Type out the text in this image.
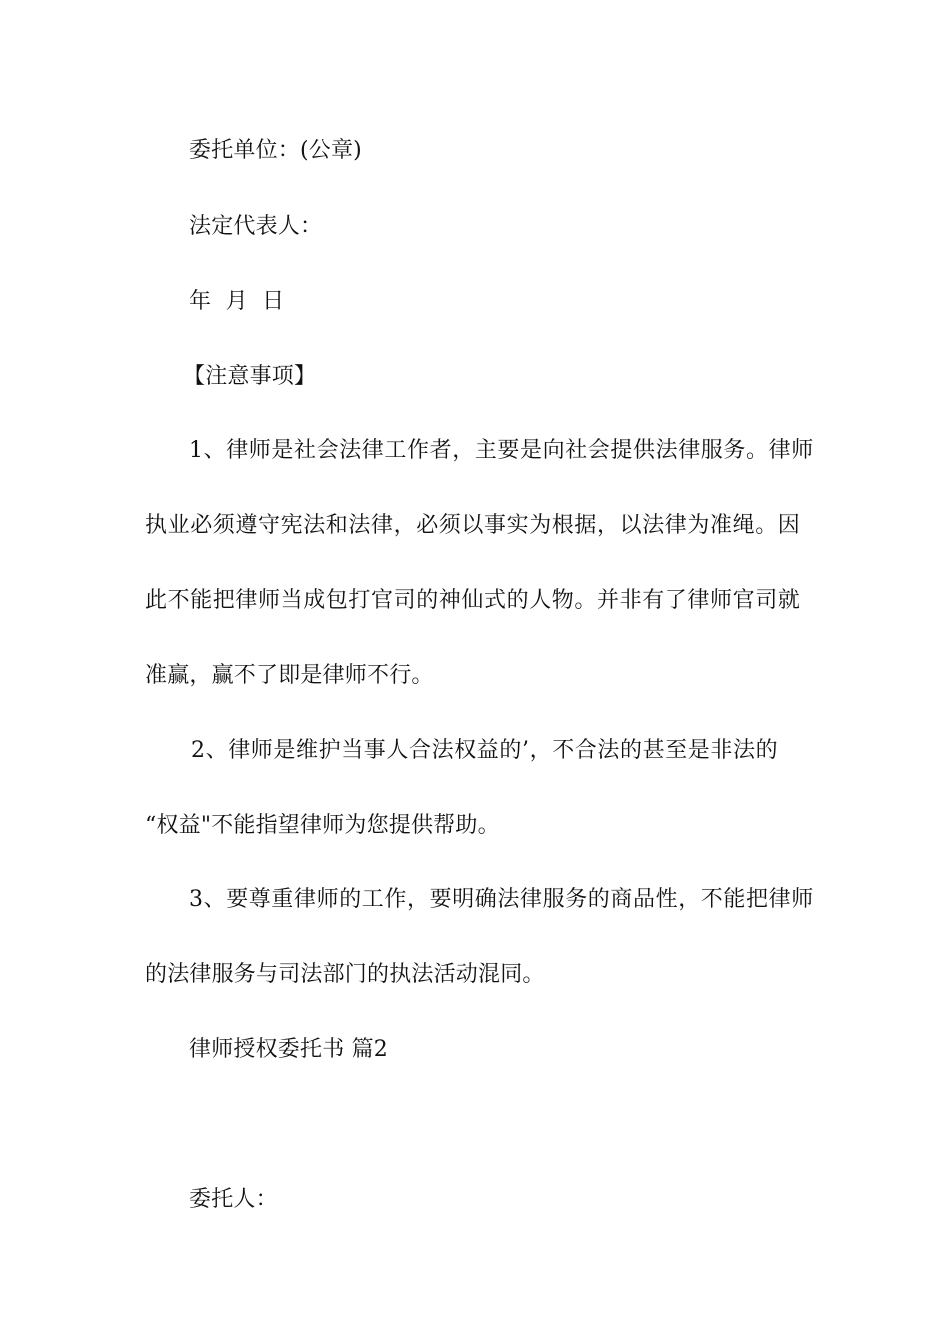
委托单位：(公章)
法定代表人：
年  月  日
【注意事项】
1、律师是社会法律工作者，主要是向社会提供法律服务。律师
执业必须遵守宪法和法律，必须以事实为根据，以法律为准绳。因
此不能把律师当成包打官司的神仙式的人物。并非有了律师官司就
准赢，赢不了即是律师不行。
2、律师是维护当事人合法权益的’，不合法的甚至是非法的
“权益"不能指望律师为您提供帮助。
3、要尊重律师的工作，要明确法律服务的商品性，不能把律师
的法律服务与司法部门的执法活动混同。
律师授权委托书 篇2
委托人：
